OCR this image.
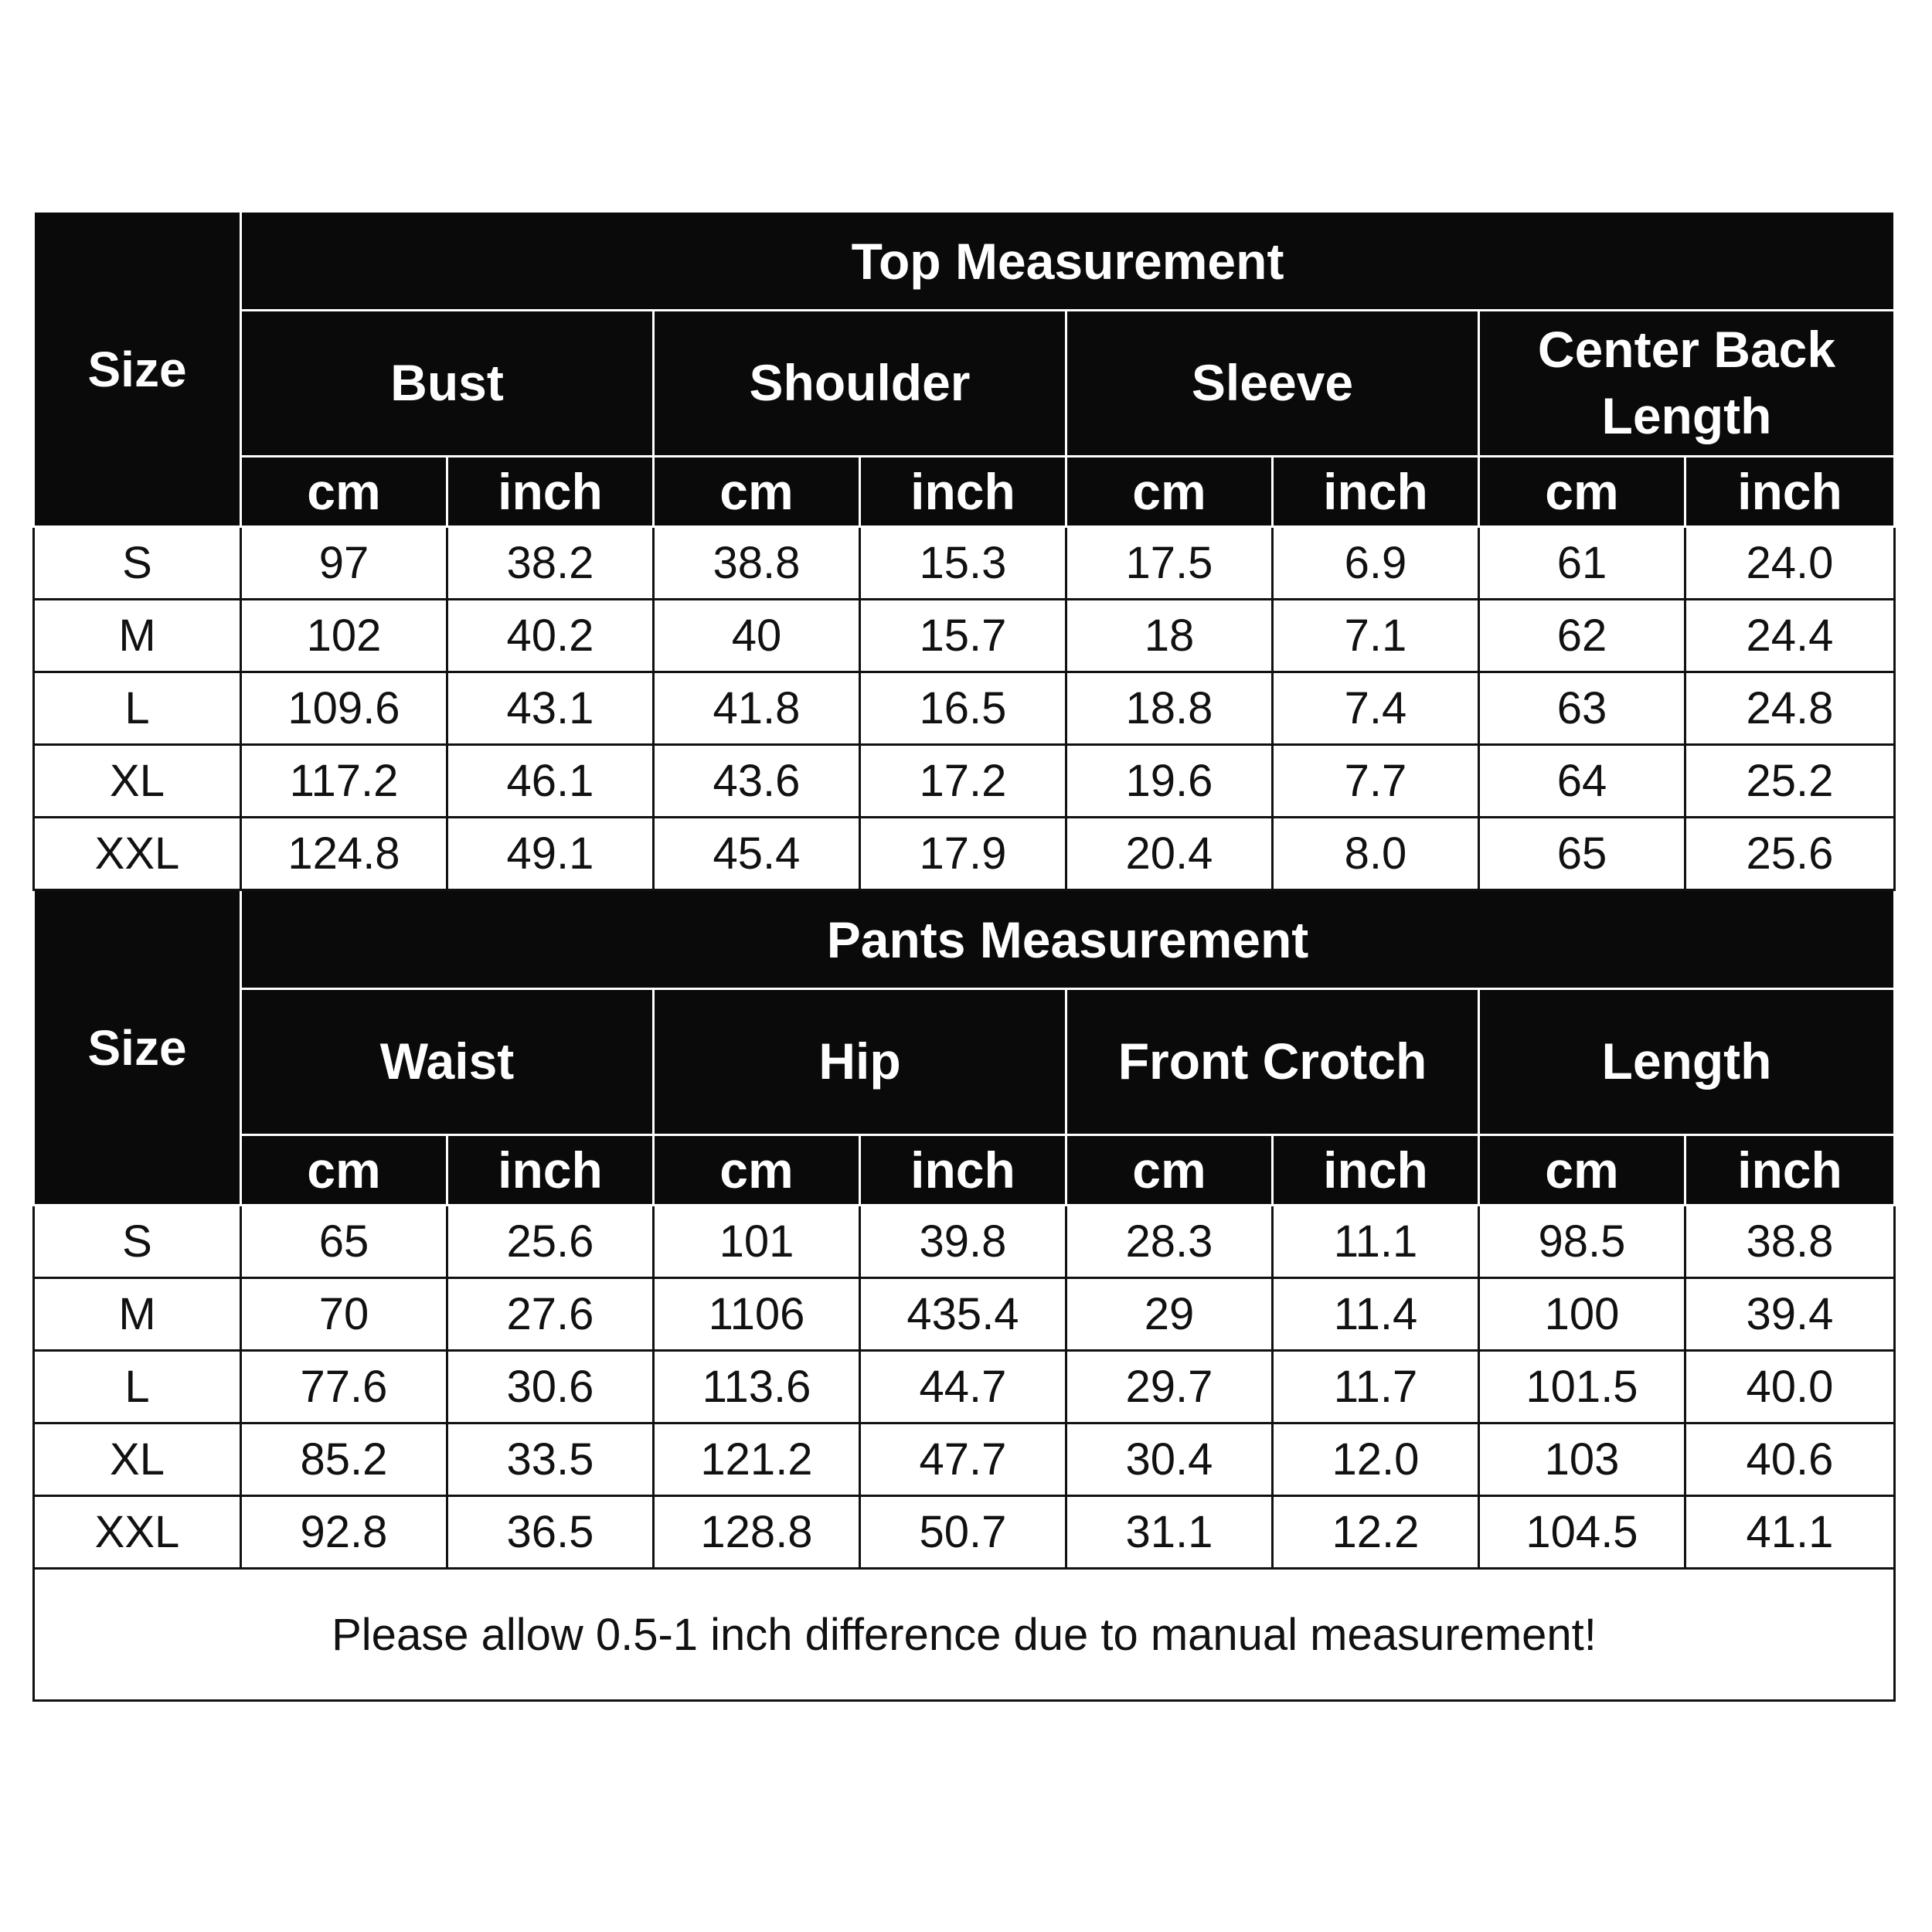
Size	Top Measurement							
	Bust		Shoulder		Sleeve		Center Back Length	
	cm	inch	cm	inch	cm	inch	cm	inch
S	97	38.2	38.8	15.3	17.5	6.9	61	24.0
M	102	40.2	40	15.7	18	7.1	62	24.4
L	109.6	43.1	41.8	16.5	18.8	7.4	63	24.8
XL	117.2	46.1	43.6	17.2	19.6	7.7	64	25.2
XXL	124.8	49.1	45.4	17.9	20.4	8.0	65	25.6
Size	Pants Measurement							
	Waist		Hip		Front Crotch		Length	
	cm	inch	cm	inch	cm	inch	cm	inch
S	65	25.6	101	39.8	28.3	11.1	98.5	38.8
M	70	27.6	1106	435.4	29	11.4	100	39.4
L	77.6	30.6	113.6	44.7	29.7	11.7	101.5	40.0
XL	85.2	33.5	121.2	47.7	30.4	12.0	103	40.6
XXL	92.8	36.5	128.8	50.7	31.1	12.2	104.5	41.1
Please allow 0.5-1 inch difference due to manual measurement!								
